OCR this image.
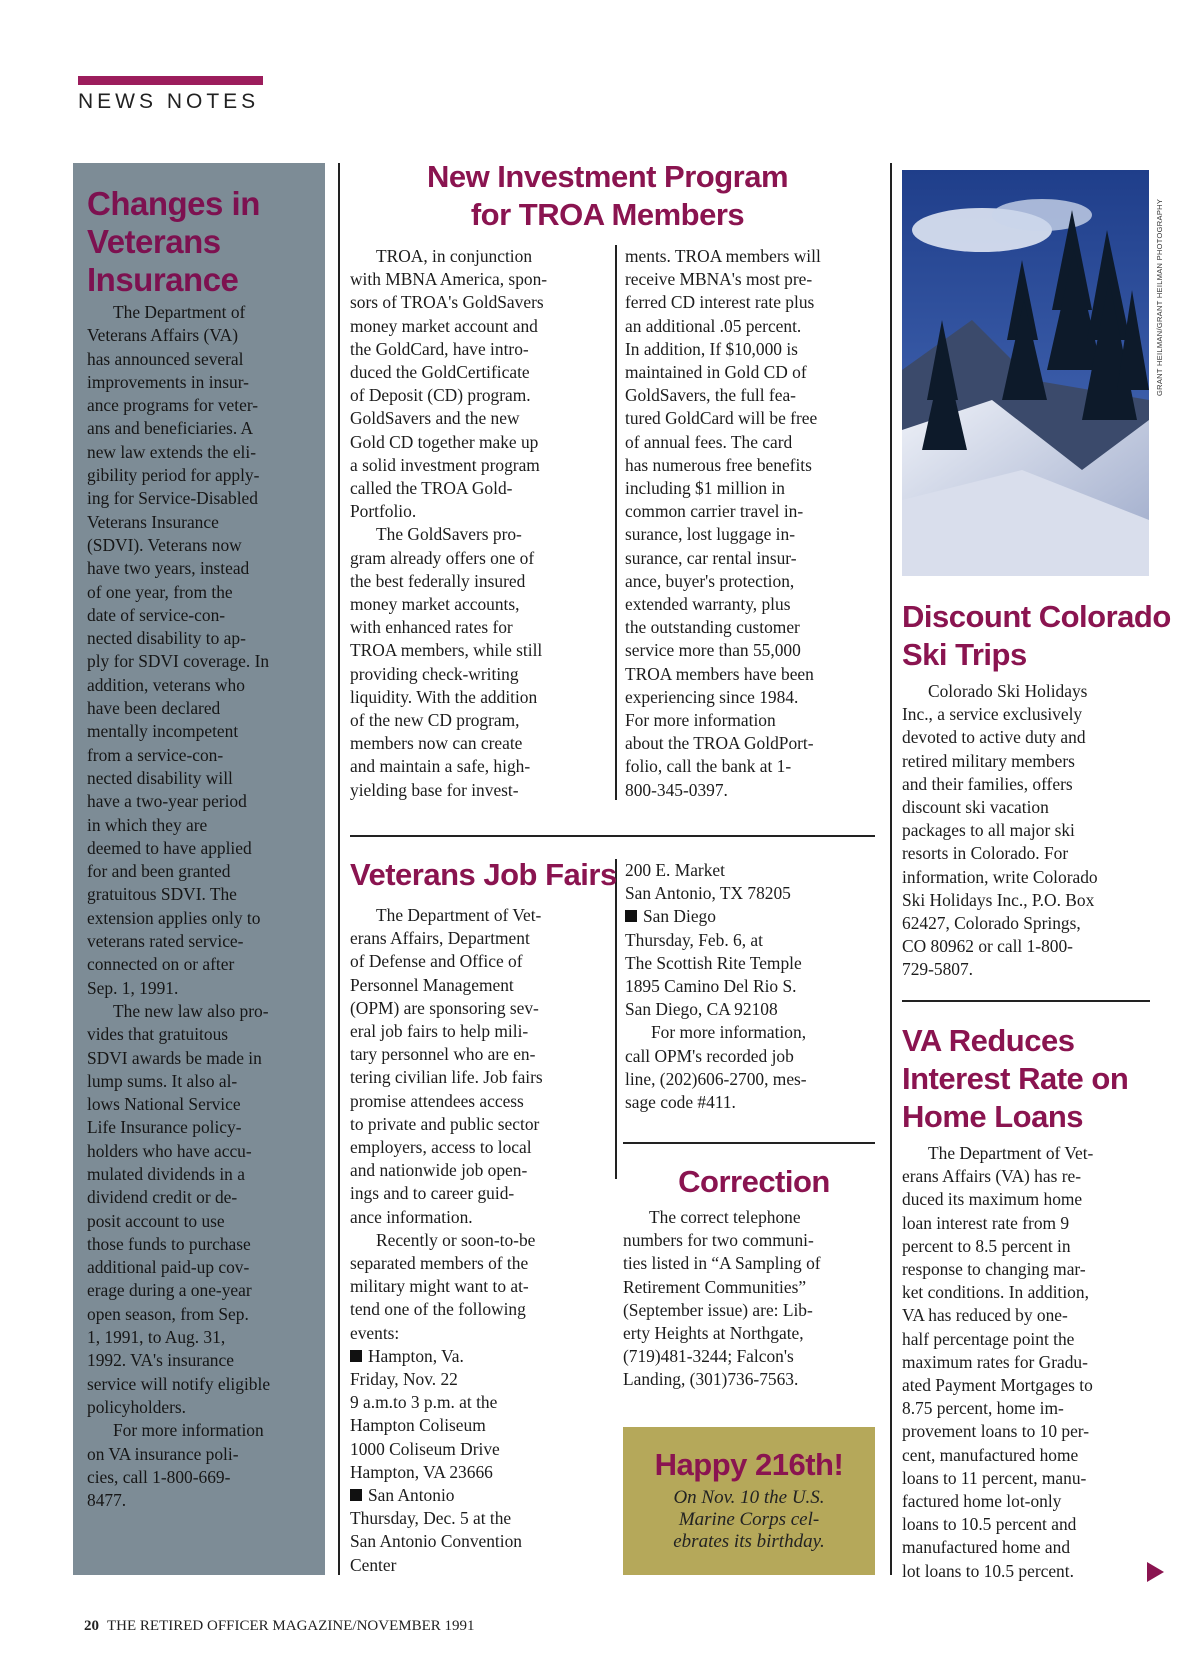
NEWS NOTES
Changes in
Veterans
Insurance
The Department of
Veterans Affairs (VA)
has announced several
improvements in insur-
ance programs for veter-
ans and beneficiaries. A
new law extends the eli-
gibility period for apply-
ing for Service-Disabled
Veterans Insurance
(SDVI). Veterans now
have two years, instead
of one year, from the
date of service-con-
nected disability to ap-
ply for SDVI coverage. In
addition, veterans who
have been declared
mentally incompetent
from a service-con-
nected disability will
have a two-year period
in which they are
deemed to have applied
for and been granted
gratuitous SDVI. The
extension applies only to
veterans rated service-
connected on or after
Sep. 1, 1991.
The new law also pro-
vides that gratuitous
SDVI awards be made in
lump sums. It also al-
lows National Service
Life Insurance policy-
holders who have accu-
mulated dividends in a
dividend credit or de-
posit account to use
those funds to purchase
additional paid-up cov-
erage during a one-year
open season, from Sep.
1, 1991, to Aug. 31,
1992. VA's insurance
service will notify eligible
policyholders.
For more information
on VA insurance poli-
cies, call 1-800-669-
8477.
New Investment Program
for TROA Members
TROA, in conjunction
with MBNA America, spon-
sors of TROA's GoldSavers
money market account and
the GoldCard, have intro-
duced the GoldCertificate
of Deposit (CD) program.
GoldSavers and the new
Gold CD together make up
a solid investment program
called the TROA Gold-
Portfolio.
The GoldSavers pro-
gram already offers one of
the best federally insured
money market accounts,
with enhanced rates for
TROA members, while still
providing check-writing
liquidity. With the addition
of the new CD program,
members now can create
and maintain a safe, high-
yielding base for invest-
ments. TROA members will
receive MBNA's most pre-
ferred CD interest rate plus
an additional .05 percent.
In addition, If $10,000 is
maintained in Gold CD of
GoldSavers, the full fea-
tured GoldCard will be free
of annual fees. The card
has numerous free benefits
including $1 million in
common carrier travel in-
surance, lost luggage in-
surance, car rental insur-
ance, buyer's protection,
extended warranty, plus
the outstanding customer
service more than 55,000
TROA members have been
experiencing since 1984.
For more information
about the TROA GoldPort-
folio, call the bank at 1-
800-345-0397.
Veterans Job Fairs
The Department of Vet-
erans Affairs, Department
of Defense and Office of
Personnel Management
(OPM) are sponsoring sev-
eral job fairs to help mili-
tary personnel who are en-
tering civilian life. Job fairs
promise attendees access
to private and public sector
employers, access to local
and nationwide job open-
ings and to career guid-
ance information.
Recently or soon-to-be
separated members of the
military might want to at-
tend one of the following
events:
Hampton, Va.
Friday, Nov. 22
9 a.m.to 3 p.m. at the
Hampton Coliseum
1000 Coliseum Drive
Hampton, VA 23666
San Antonio
Thursday, Dec. 5 at the
San Antonio Convention
Center
200 E. Market
San Antonio, TX 78205
San Diego
Thursday, Feb. 6, at
The Scottish Rite Temple
1895 Camino Del Rio S.
San Diego, CA 92108
For more information,
call OPM's recorded job
line, (202)606-2700, mes-
sage code #411.
Correction
The correct telephone
numbers for two communi-
ties listed in “A Sampling of
Retirement Communities”
(September issue) are: Lib-
erty Heights at Northgate,
(719)481-3244; Falcon's
Landing, (301)736-7563.
Happy 216th!
On Nov. 10 the U.S.
Marine Corps cel-
ebrates its birthday.
GRANT HEILMAN/GRANT HEILMAN PHOTOGRAPHY
Discount Colorado
Ski Trips
Colorado Ski Holidays
Inc., a service exclusively
devoted to active duty and
retired military members
and their families, offers
discount ski vacation
packages to all major ski
resorts in Colorado. For
information, write Colorado
Ski Holidays Inc., P.O. Box
62427, Colorado Springs,
CO 80962 or call 1-800-
729-5807.
VA Reduces
Interest Rate on
Home Loans
The Department of Vet-
erans Affairs (VA) has re-
duced its maximum home
loan interest rate from 9
percent to 8.5 percent in
response to changing mar-
ket conditions. In addition,
VA has reduced by one-
half percentage point the
maximum rates for Gradu-
ated Payment Mortgages to
8.75 percent, home im-
provement loans to 10 per-
cent, manufactured home
loans to 11 percent, manu-
factured home lot-only
loans to 10.5 percent and
manufactured home and
lot loans to 10.5 percent.
20 THE RETIRED OFFICER MAGAZINE/NOVEMBER 1991
